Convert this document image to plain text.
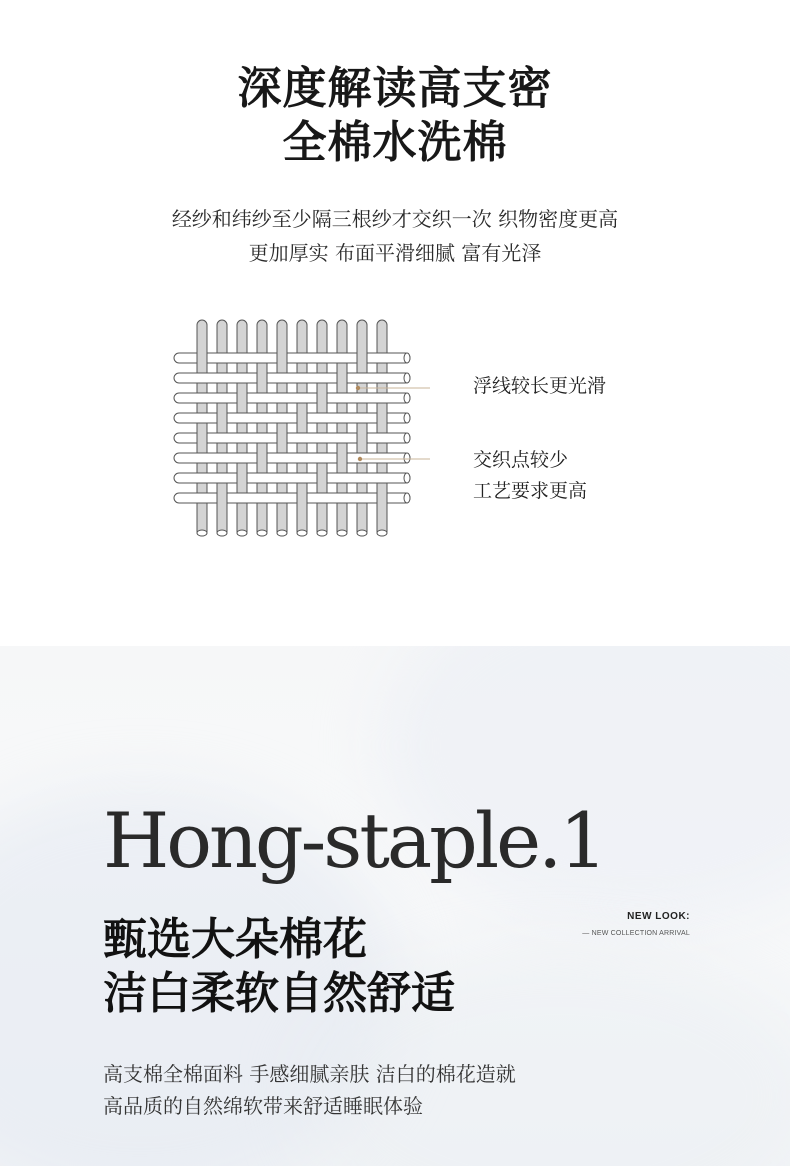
深度解读高支密
全棉水洗棉
经纱和纬纱至少隔三根纱才交织一次 织物密度更高
更加厚实 布面平滑细腻 富有光泽
浮线较长更光滑
交织点较少
工艺要求更高
Hong-staple.1
NEW LOOK:
— NEW COLLECTION ARRIVAL
甄选大朵棉花
洁白柔软自然舒适
高支棉全棉面料 手感细腻亲肤 洁白的棉花造就
高品质的自然绵软带来舒适睡眠体验
